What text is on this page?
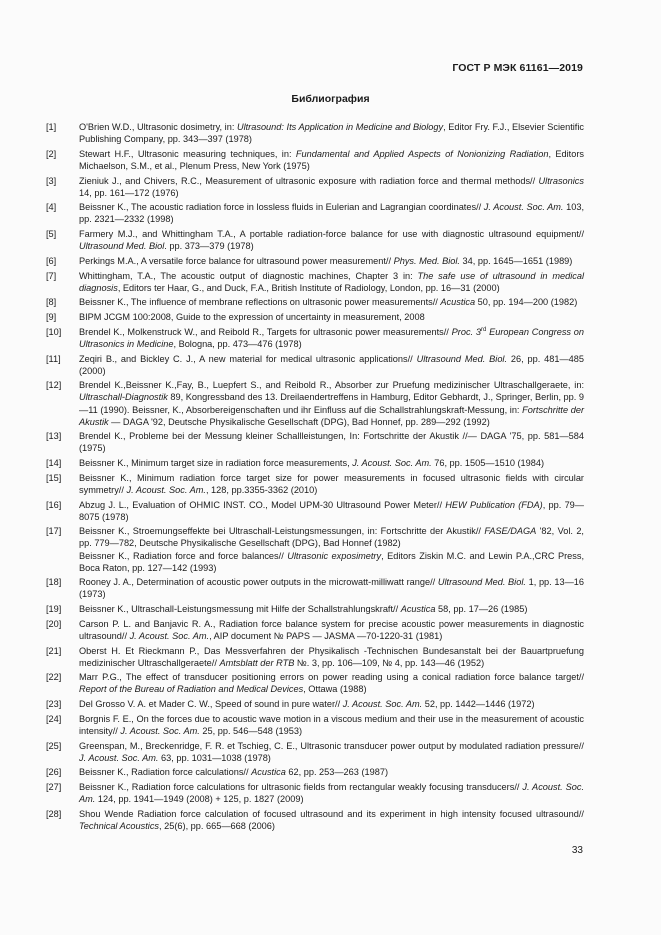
ГОСТ Р МЭК 61161—2019
Библиография
[1]	O'Brien W.D., Ultrasonic dosimetry, in: Ultrasound: Its Application in Medicine and Biology, Editor Fry. F.J., Elsevier Scientific Publishing Company, pp. 343—397 (1978)
[2]	Stewart H.F., Ultrasonic measuring techniques, in: Fundamental and Applied Aspects of Nonionizing Radiation, Editors Michaelson, S.M., et al., Plenum Press, New York (1975)
[3]	Zieniuk J., and Chivers, R.C., Measurement of ultrasonic exposure with radiation force and thermal methods// Ultrasonics 14, pp. 161—172 (1976)
[4]	Beissner K., The acoustic radiation force in lossless fluids in Eulerian and Lagrangian coordinates// J. Acoust. Soc. Am. 103, pp. 2321—2332 (1998)
[5]	Farmery M.J., and Whittingham T.A., A portable radiation-force balance for use with diagnostic ultrasound equipment// Ultrasound Med. Biol. pp. 373—379 (1978)
[6]	Perkings M.A., A versatile force balance for ultrasound power measurement// Phys. Med. Biol. 34, pp. 1645—1651 (1989)
[7]	Whittingham, T.A., The acoustic output of diagnostic machines, Chapter 3 in: The safe use of ultrasound in medical diagnosis, Editors ter Haar, G., and Duck, F.A., British Institute of Radiology, London, pp. 16—31 (2000)
[8]	Beissner K., The influence of membrane reflections on ultrasonic power measurements// Acustica 50, pp. 194—200 (1982)
[9]	BIPM JCGM 100:2008, Guide to the expression of uncertainty in measurement, 2008
[10]	Brendel K., Molkenstruck W., and Reibold R., Targets for ultrasonic power measurements// Proc. 3rd European Congress on Ultrasonics in Medicine, Bologna, pp. 473—476 (1978)
[11]	Zeqiri B., and Bickley C. J., A new material for medical ultrasonic applications// Ultrasound Med. Biol. 26, pp. 481—485 (2000)
[12]	Brendel K.,Beissner K.,Fay, B., Luepfert S., and Reibold R., Absorber zur Pruefung medizinischer Ultraschallgeraete, in: Ultraschall-Diagnostik 89, Kongressband des 13. Dreilaendertreffens in Hamburg, Editor Gebhardt, J., Springer, Berlin, pp. 9—11 (1990). Beissner, K., Absorbereigenschaften und ihr Einfluss auf die Schallstrahlungskraft-Messung, in: Fortschritte der Akustik — DAGA '92, Deutsche Physikalische Gesellschaft (DPG), Bad Honnef, pp. 289—292 (1992)
[13]	Brendel K., Probleme bei der Messung kleiner Schallleistungen, In: Fortschritte der Akustik //— DAGA '75, pp. 581—584 (1975)
[14]	Beissner K., Minimum target size in radiation force measurements, J. Acoust. Soc. Am. 76, pp. 1505—1510 (1984)
[15]	Beissner K., Minimum radiation force target size for power measurements in focused ultrasonic fields with circular symmetry// J. Acoust. Soc. Am., 128, pp.3355-3362 (2010)
[16]	Abzug J. L., Evaluation of OHMIC INST. CO., Model UPM-30 Ultrasound Power Meter// HEW Publication (FDA), pp. 79—8075 (1978)
[17]	Beissner K., Stroemungseffekte bei Ultraschall-Leistungsmessungen, in: Fortschritte der Akustik// FASE/DAGA '82, Vol. 2, pp. 779—782, Deutsche Physikalische Gesellschaft (DPG), Bad Honnef (1982)
Beissner K., Radiation force and force balances// Ultrasonic exposimetry, Editors Ziskin M.C. and Lewin P.A.,CRC Press, Boca Raton, pp. 127—142 (1993)
[18]	Rooney J. A., Determination of acoustic power outputs in the microwatt-milliwatt range// Ultrasound Med. Biol. 1, pp. 13—16 (1973)
[19]	Beissner K., Ultraschall-Leistungsmessung mit Hilfe der Schallstrahlungskraft// Acustica 58, pp. 17—26 (1985)
[20]	Carson P. L. and Banjavic R. A., Radiation force balance system for precise acoustic power measurements in diagnostic ultrasound// J. Acoust. Soc. Am., AIP document № PAPS — JASMA —70-1220-31 (1981)
[21]	Oberst H. Et Rieckmann P., Das Messverfahren der Physikalisch -Technischen Bundesanstalt bei der Bauartpruefung medizinischer Ultraschallgeraete// Amtsblatt der RTB №. 3, pp. 106—109, № 4, pp. 143—46 (1952)
[22]	Marr P.G., The effect of transducer positioning errors on power reading using a conical radiation force balance target// Report of the Bureau of Radiation and Medical Devices, Ottawa (1988)
[23]	Del Grosso V. A. et Mader C. W., Speed of sound in pure water// J. Acoust. Soc. Am. 52, pp. 1442—1446 (1972)
[24]	Borgnis F. E., On the forces due to acoustic wave motion in a viscous medium and their use in the measurement of acoustic intensity// J. Acoust. Soc. Am. 25, pp. 546—548 (1953)
[25]	Greenspan, M., Breckenridge, F. R. et Tschieg, C. E., Ultrasonic transducer power output by modulated radiation pressure// J. Acoust. Soc. Am. 63, pp. 1031—1038 (1978)
[26]	Beissner K., Radiation force calculations// Acustica 62, pp. 253—263 (1987)
[27]	Beissner K., Radiation force calculations for ultrasonic fields from rectangular weakly focusing transducers// J. Acoust. Soc. Am. 124, pp. 1941—1949 (2008) + 125, p. 1827 (2009)
[28]	Shou Wende Radiation force calculation of focused ultrasound and its experiment in high intensity focused ultrasound// Technical Acoustics, 25(6), pp. 665—668 (2006)
33
